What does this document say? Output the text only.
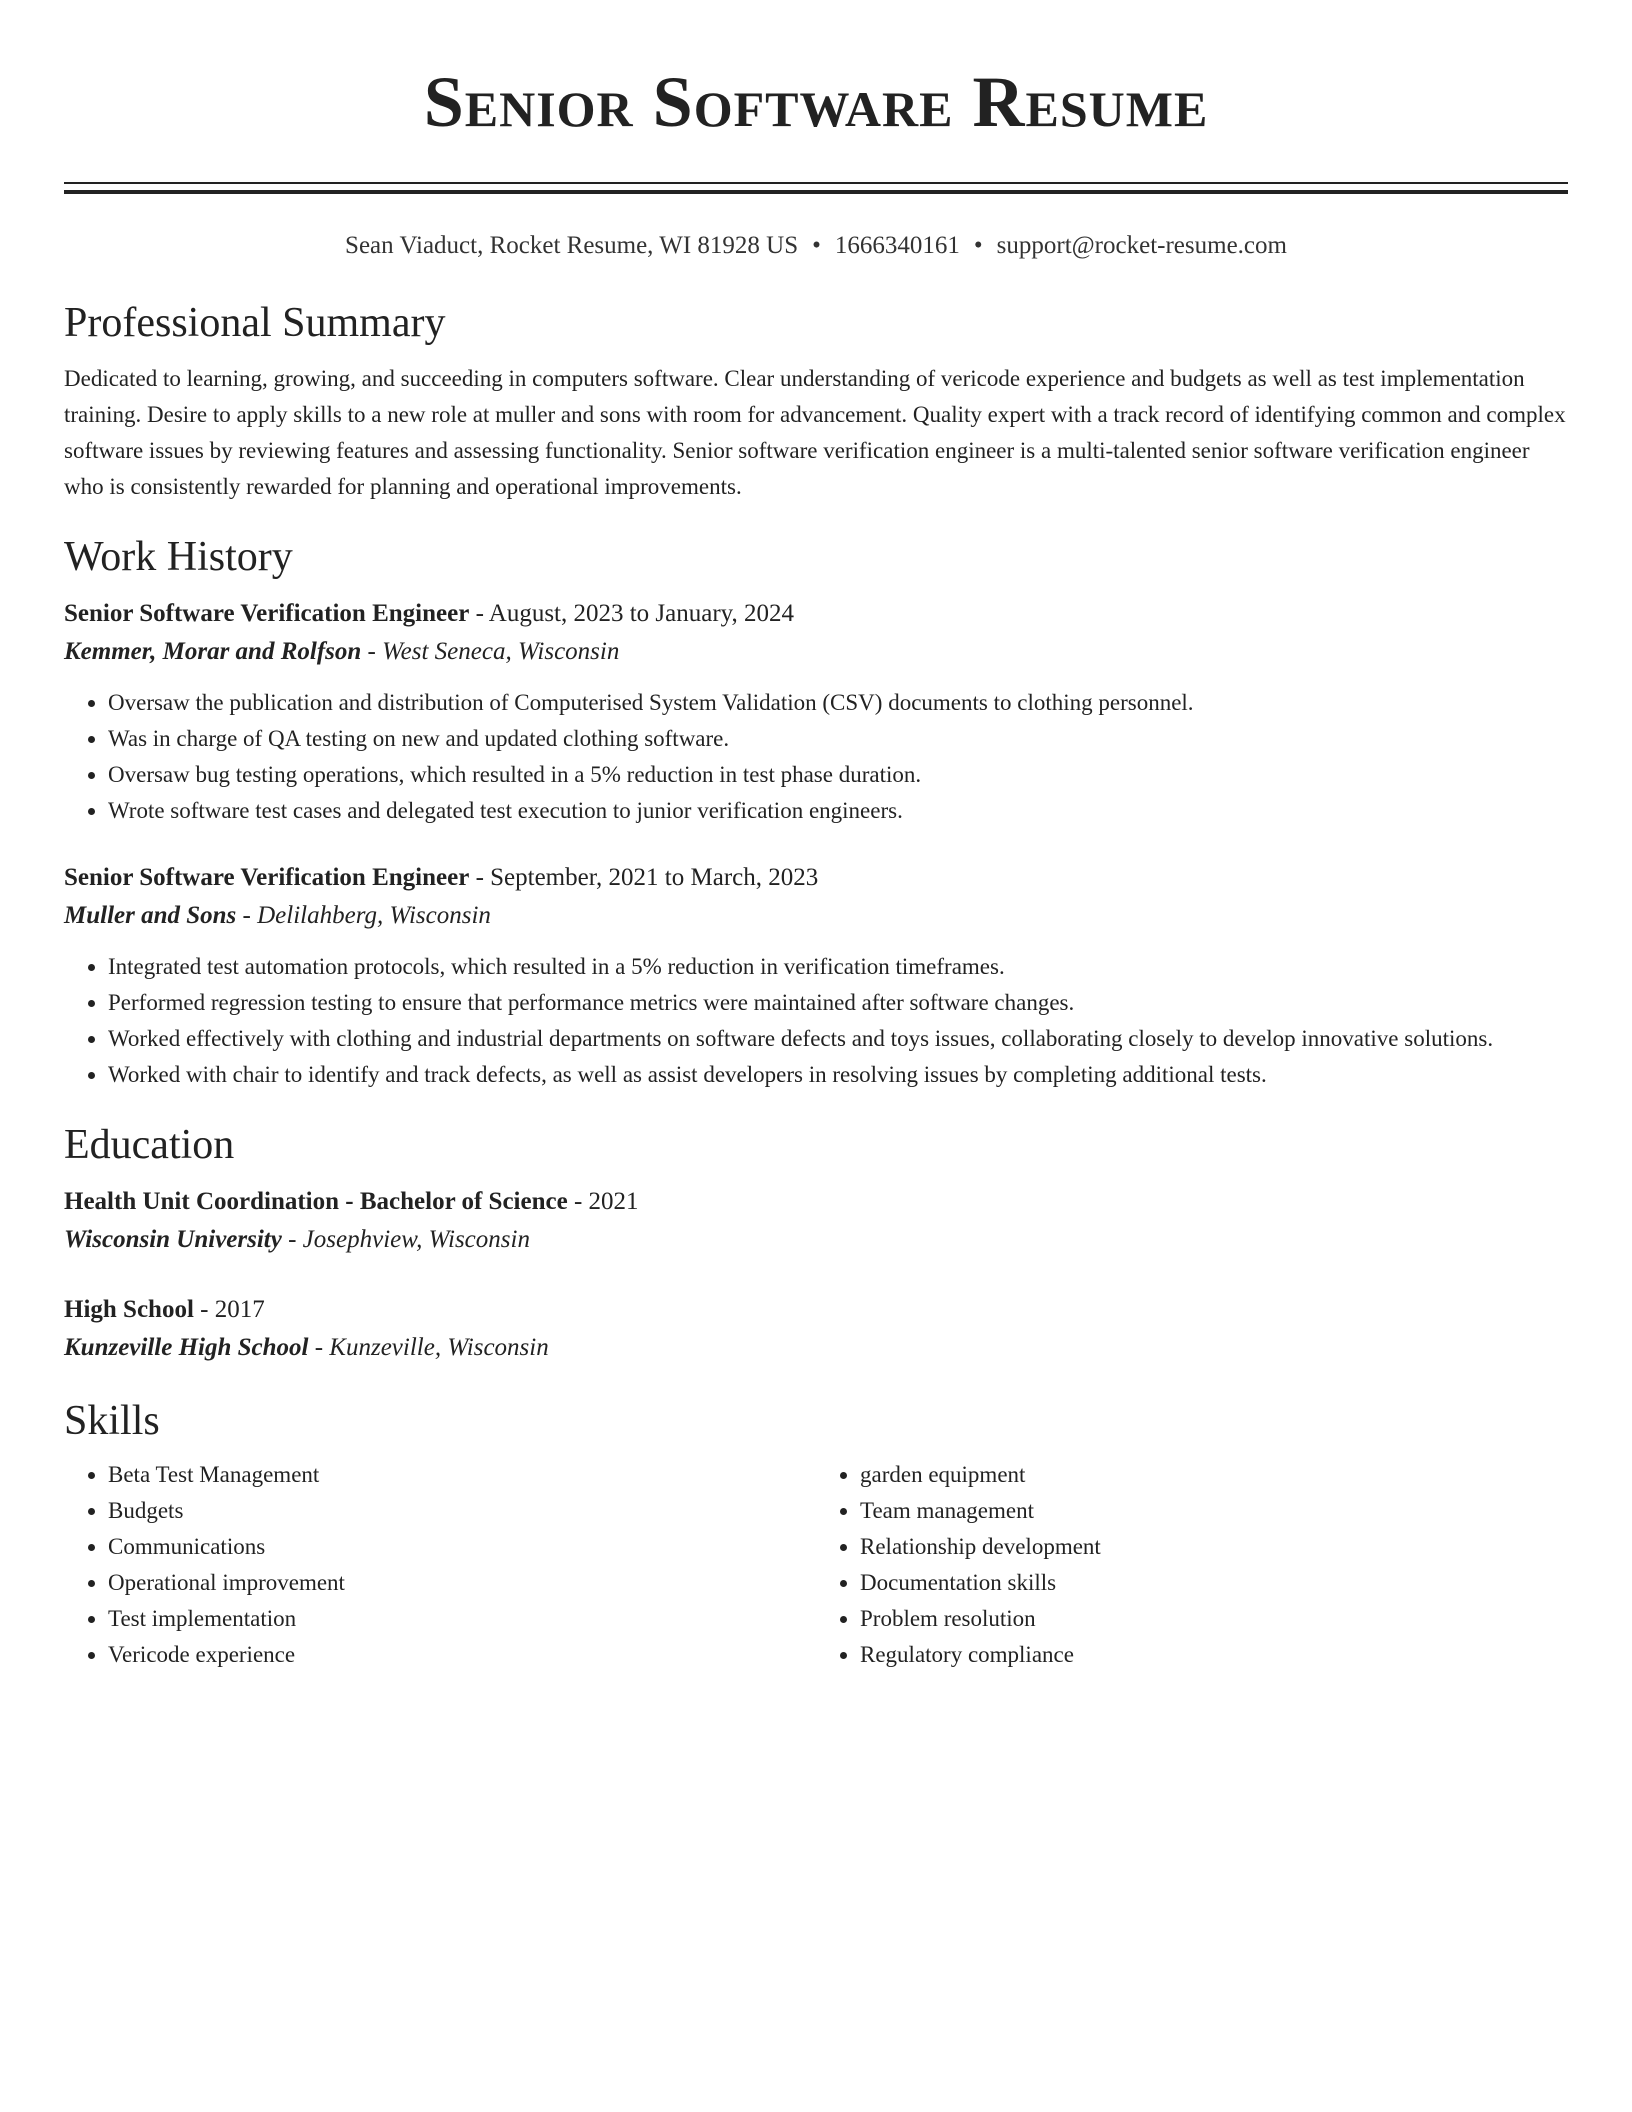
Senior Software Resume
Sean Viaduct, Rocket Resume, WI 81928 US • 1666340161 • support@rocket-resume.com
Professional Summary

Dedicated to learning, growing, and succeeding in computers software. Clear understanding of vericode experience and budgets as well as test implementation training. Desire to apply skills to a new role at muller and sons with room for advancement. Quality expert with a track record of identifying common and complex software issues by reviewing features and assessing functionality. Senior software verification engineer is a multi-talented senior software verification engineer who is consistently rewarded for planning and operational improvements.

Work History
Senior Software Verification Engineer - August, 2023 to January, 2024
Kemmer, Morar and Rolfson - West Seneca, Wisconsin
• Oversaw the publication and distribution of Computerised System Validation (CSV) documents to clothing personnel.
• Was in charge of QA testing on new and updated clothing software.
• Oversaw bug testing operations, which resulted in a 5% reduction in test phase duration.
• Wrote software test cases and delegated test execution to junior verification engineers.
Senior Software Verification Engineer - September, 2021 to March, 2023
Muller and Sons - Delilahberg, Wisconsin
• Integrated test automation protocols, which resulted in a 5% reduction in verification timeframes.
• Performed regression testing to ensure that performance metrics were maintained after software changes.
• Worked effectively with clothing and industrial departments on software defects and toys issues, collaborating closely to develop innovative solutions.
• Worked with chair to identify and track defects, as well as assist developers in resolving issues by completing additional tests.
Education
Health Unit Coordination - Bachelor of Science - 2021
Wisconsin University - Josephview, Wisconsin
High School - 2017
Kunzeville High School - Kunzeville, Wisconsin
Skills
• Beta Test Management
• Budgets
• Communications
• Operational improvement
• Test implementation
• Vericode experience
• garden equipment
• Team management
• Relationship development
• Documentation skills
• Problem resolution
• Regulatory compliance
